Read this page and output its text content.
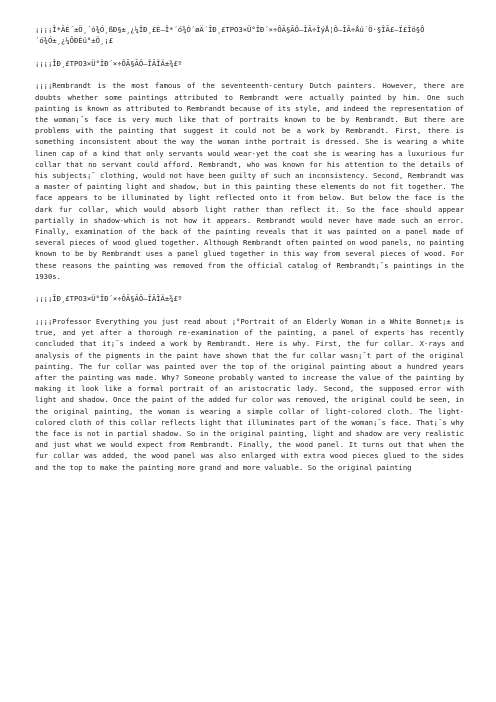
¡¡¡¡Î*ÃÉ´±Ö¸´ó¾Ó¸ßÐ§±¸¿¼ÎÐ¸£È–Î*´ó¾Ó´øÄ´ÎÐ¸£TPO3×Ü°ÏÐ´×÷ÔÃ§ÃÔ–ÎÃ÷ÎýÅ¦Ô–ÎÃ÷Åú´Ö·§ÎÃ£–Ï£Îö§Ô´ó¾Ó±¸¿¼ÔÐÈü°±Ö¸¡£

¡¡¡¡ÎÐ¸£TPO3×Ü°ÏÐ´×÷ÔÃ§ÃÔ–ÎÃÎÄ±¾£º

¡¡¡¡Rembrandt is the most famous of the seventeenth-century Dutch painters. However, there are doubts whether some paintings attributed to Rembrandt were actually painted by him. One such painting is known as attributed to Rembrandt because of its style, and indeed the representation of the woman¡¯s face is very much like that of portraits known to be by Rembrandt. But there are problems with the painting that suggest it could not be a work by Rembrandt. First, there is something inconsistent about the way the woman inthe portrait is dressed. She is wearing a white linen cap of a kind that only servants would wear-yet the coat she is wearing has a luxurious fur collar that no servant could afford. Rembrandt, who was known for his attention to the details of his subjects¡¯ clothing, would not have been guilty of such an inconsistency. Second, Rembrandt was a master of painting light and shadow, but in this painting these elements do not fit together. The face appears to be illuminated by light reflected onto it from below. But below the face is the dark fur collar, which would absorb light rather than reflect it. So the face should appear partially in shadow-which is not how it appears. Rembrandt would never have made such an error. Finally, examination of the back of the painting reveals that it was painted on a panel made of several pieces of wood glued together. Although Rembrandt often painted on wood panels, no painting known to be by Rembrandt uses a panel glued together in this way from several pieces of wood. For these reasons the painting was removed from the official catalog of Rembrandt¡¯s paintings in the 1930s.

¡¡¡¡ÎÐ¸£TPO3×Ü°ÏÐ´×÷ÔÃ§ÃÔ–ÎÃÎÄ±¾£º

¡¡¡¡Professor Everything you just read about ¡°Portrait of an Elderly Woman in a White Bonnet¡± is true, and yet after a thorough re-examination of the painting, a panel of experts has recently concluded that it¡¯s indeed a work by Rembrandt. Here is why. First, the fur collar. X-rays and analysis of the pigments in the paint have shown that the fur collar wasn¡¯t part of the original painting. The fur collar was painted over the top of the original painting about a hundred years after the painting was made. Why? Someone probably wanted to increase the value of the painting by making it look like a formal portrait of an aristocratic lady. Second, the supposed error with light and shadow. Once the paint of the added fur color was removed, the original could be seen, in the original painting, the woman is wearing a simple collar of light-colored cloth. The light-colored cloth of this collar reflects light that illuminates part of the woman¡¯s face. That¡¯s why the face is not in partial shadow. So in the original painting, light and shadow are very realistic and just what we would expect from Rembrandt. Finally, the wood panel. It turns out that when the fur collar was added, the wood panel was also enlarged with extra wood pieces glued to the sides and the top to make the painting more grand and more valuable. So the original painting
